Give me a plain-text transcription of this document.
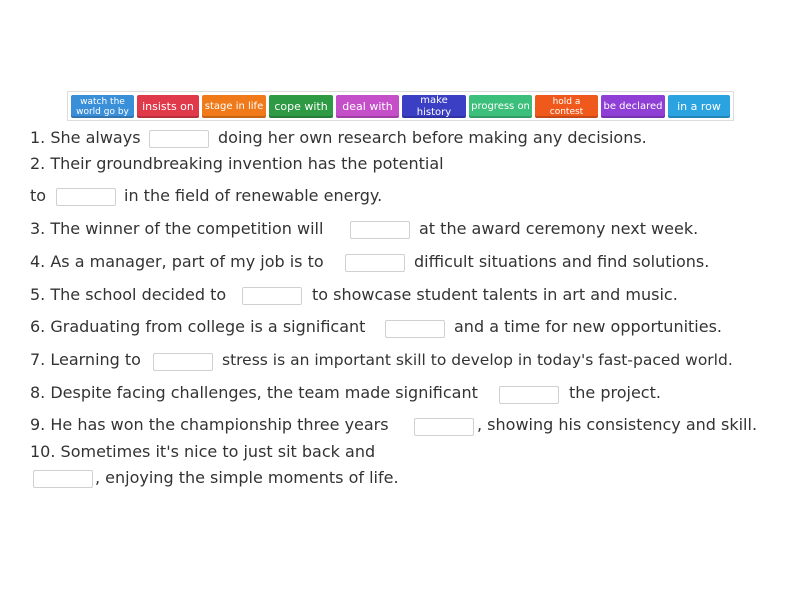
watch the
world go by	insists on	stage in life	cope with	deal with	make history
progress on	hold a
contest	be declared	in a row
1. She always	doing her own research before making any decisions.
2. Their groundbreaking invention has the potential
to	in the field of renewable energy.
3. The winner of the competition will	at the award ceremony next week.
4. As a manager, part of my job is to	difficult situations and find solutions.
5. The school decided to	to showcase student talents in art and music.
6. Graduating from college is a significant	and a time for new opportunities.
7. Learning to	stress is an important skill to develop in today's fast-paced world.
8. Despite facing challenges, the team made significant	the project.
9. He has won the championship three years	, showing his consistency and skill.
10. Sometimes it's nice to just sit back and
, enjoying the simple moments of life.
